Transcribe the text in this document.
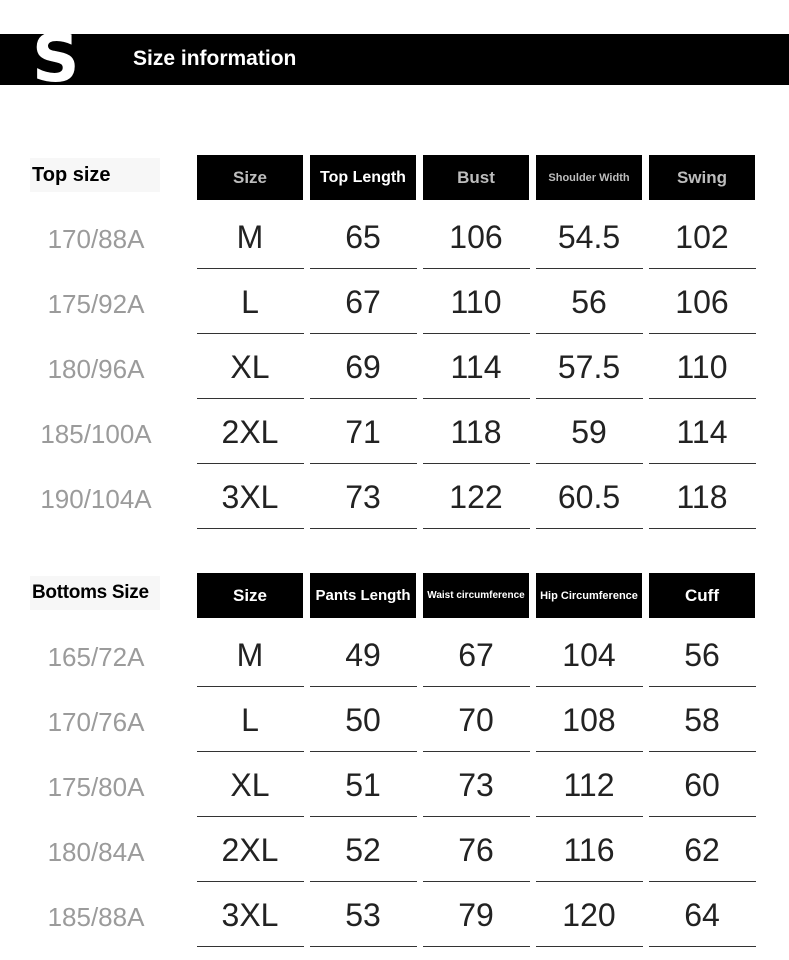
S	Size information
Top size
Bottoms Size
Size	Top Length	Bust	Shoulder Width	Swing
170/88A	M	65	106	54.5	102
175/92A	L	67	110	56	106
180/96A	XL	69	114	57.5	110
185/100A	2XL	71	118	59	114
190/104A	3XL	73	122	60.5	118
Size	Pants Length	Waist circumference	Hip Circumference	Cuff
165/72A	M	49	67	104	56
170/76A	L	50	70	108	58
175/80A	XL	51	73	112	60
180/84A	2XL	52	76	116	62
185/88A	3XL	53	79	120	64
